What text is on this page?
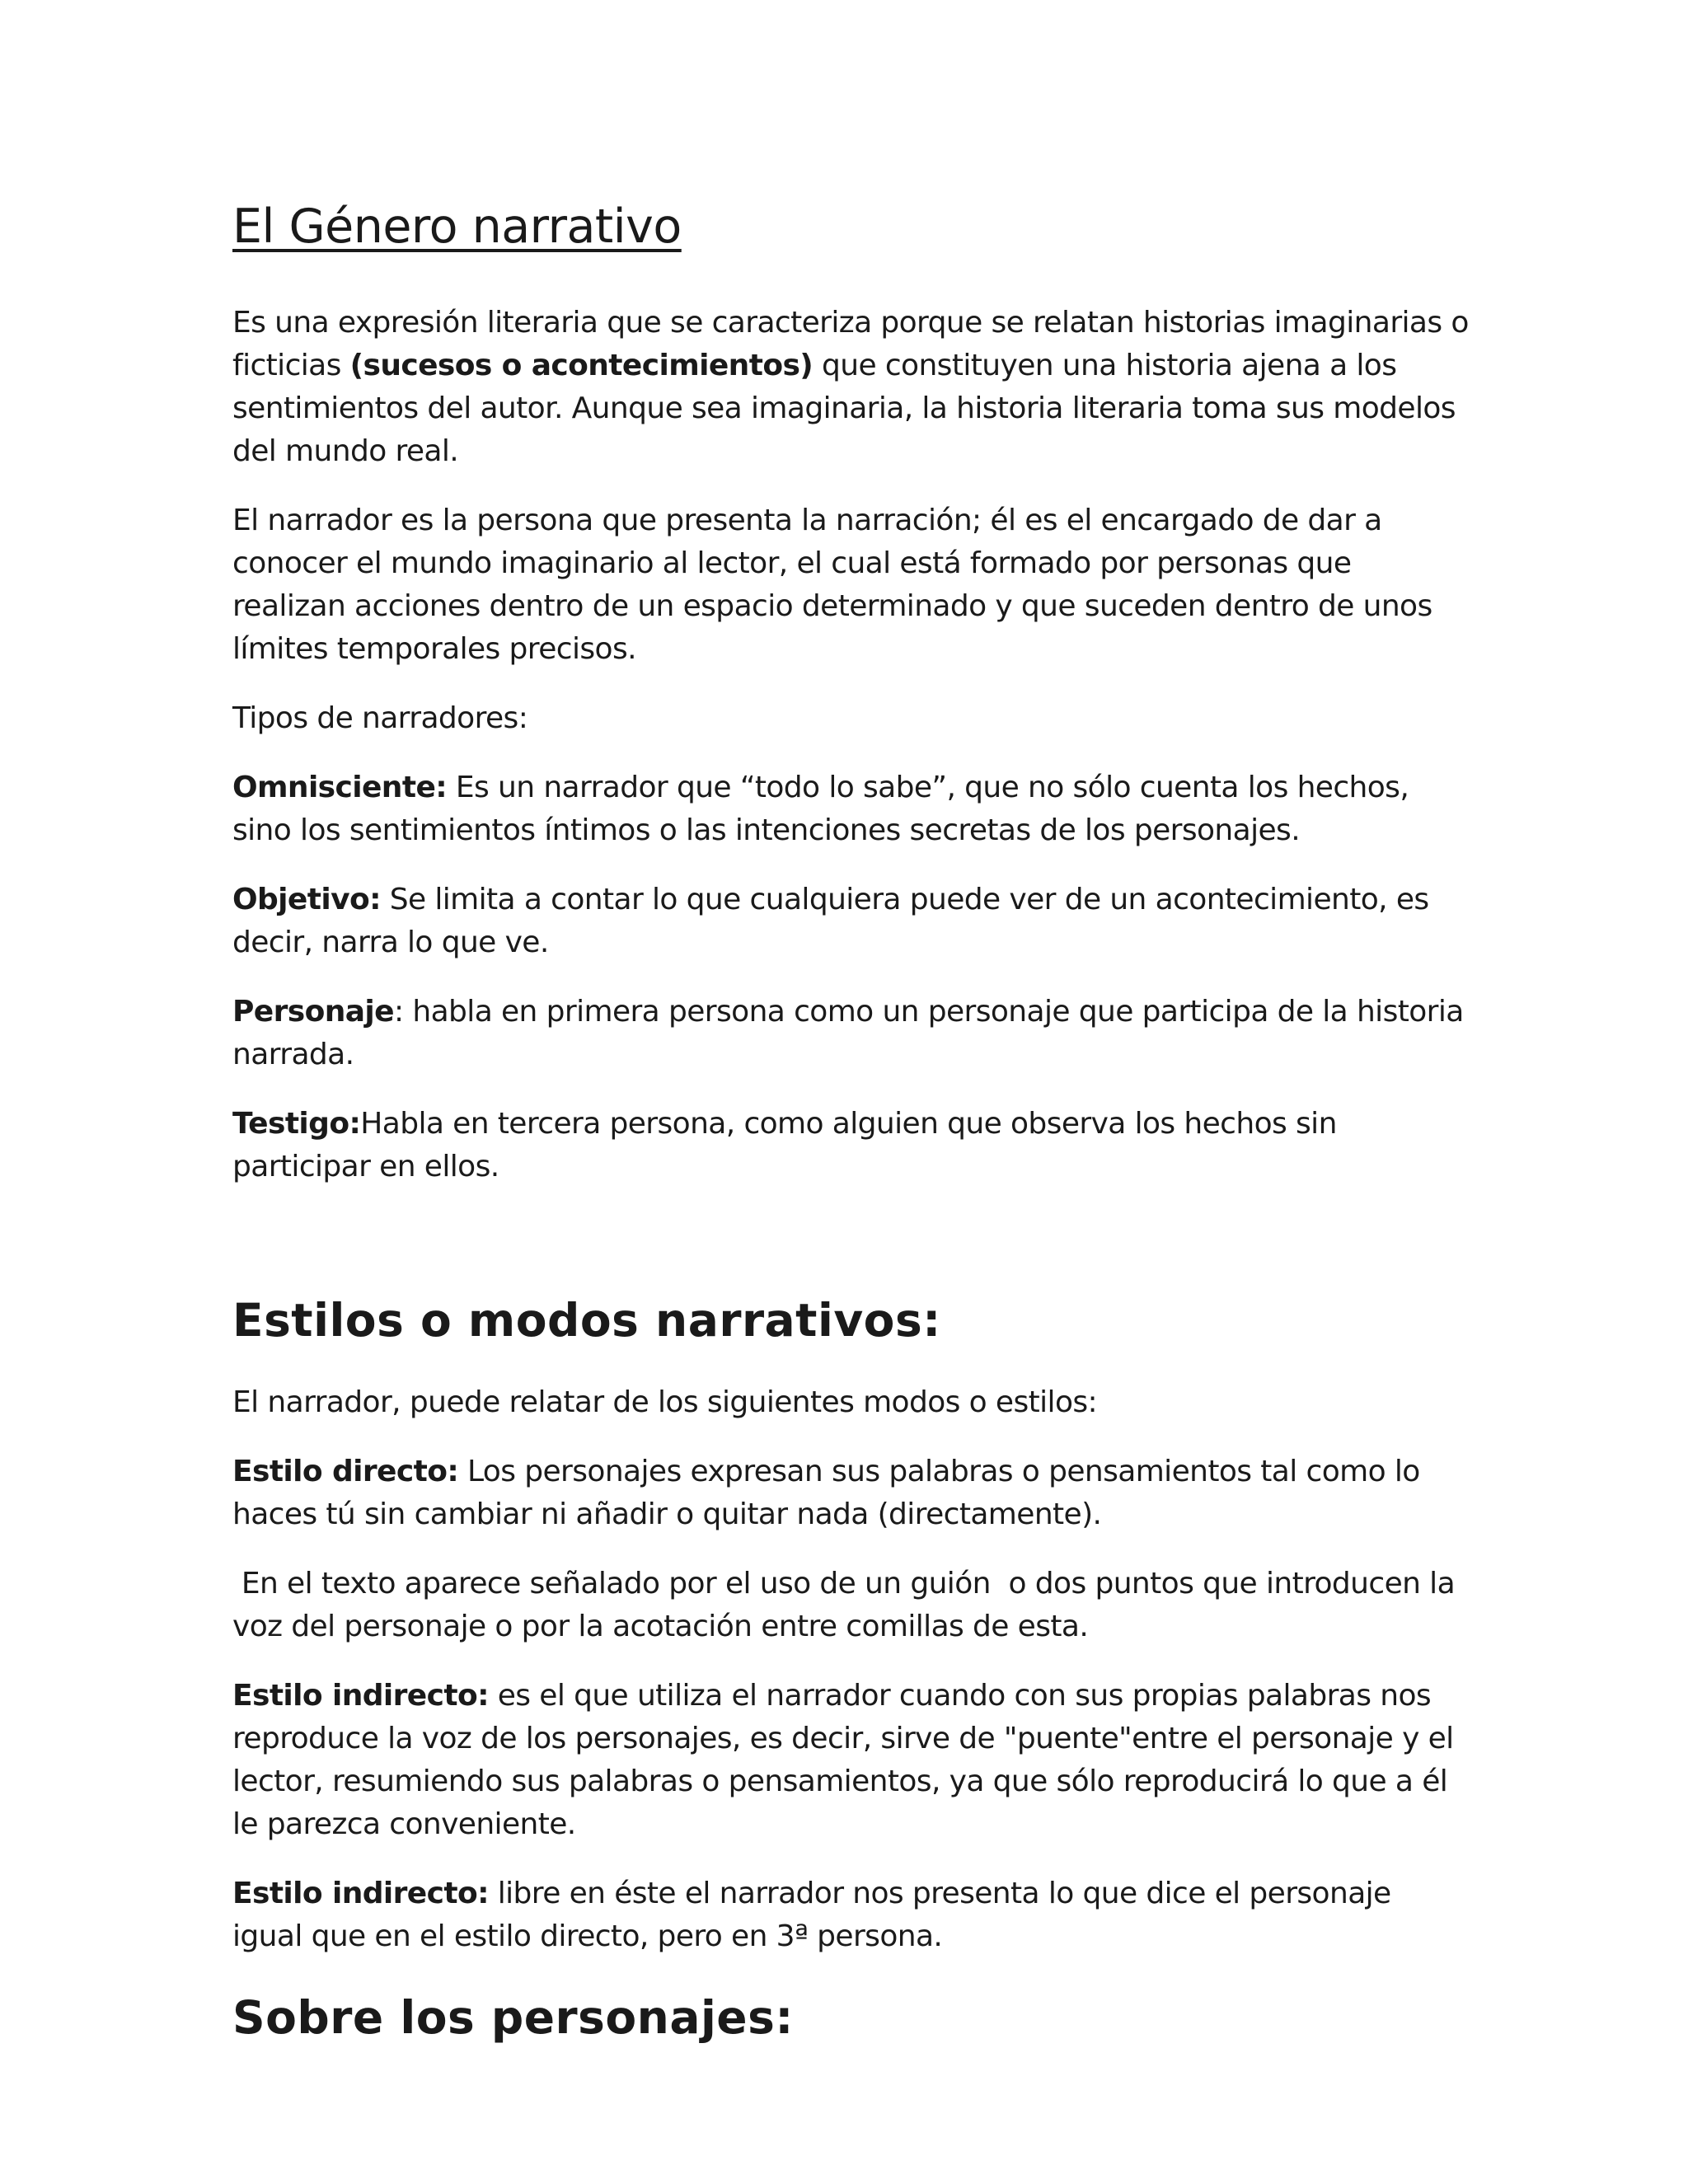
El Género narrativo

Es una expresión literaria que se caracteriza porque se relatan historias imaginarias o ficticias (sucesos o acontecimientos) que constituyen una historia ajena a los sentimientos del autor. Aunque sea imaginaria, la historia literaria toma sus modelos del mundo real.

El narrador es la persona que presenta la narración; él es el encargado de dar a conocer el mundo imaginario al lector, el cual está formado por personas que realizan acciones dentro de un espacio determinado y que suceden dentro de unos límites temporales precisos.

Tipos de narradores:

Omnisciente: Es un narrador que “todo lo sabe”, que no sólo cuenta los hechos, sino los sentimientos íntimos o las intenciones secretas de los personajes.

Objetivo: Se limita a contar lo que cualquiera puede ver de un acontecimiento, es decir, narra lo que ve.

Personaje: habla en primera persona como un personaje que participa de la historia narrada.

Testigo:Habla en tercera persona, como alguien que observa los hechos sin participar en ellos.

Estilos o modos narrativos:

El narrador, puede relatar de los siguientes modos o estilos:

Estilo directo: Los personajes expresan sus palabras o pensamientos tal como lo haces tú sin cambiar ni añadir o quitar nada (directamente).

En el texto aparece señalado por el uso de un guión  o dos puntos que introducen la voz del personaje o por la acotación entre comillas de esta.

Estilo indirecto: es el que utiliza el narrador cuando con sus propias palabras nos reproduce la voz de los personajes, es decir, sirve de "puente"entre el personaje y el lector, resumiendo sus palabras o pensamientos, ya que sólo reproducirá lo que a él le parezca conveniente.

Estilo indirecto: libre en éste el narrador nos presenta lo que dice el personaje igual que en el estilo directo, pero en 3ª persona.

Sobre los personajes:
